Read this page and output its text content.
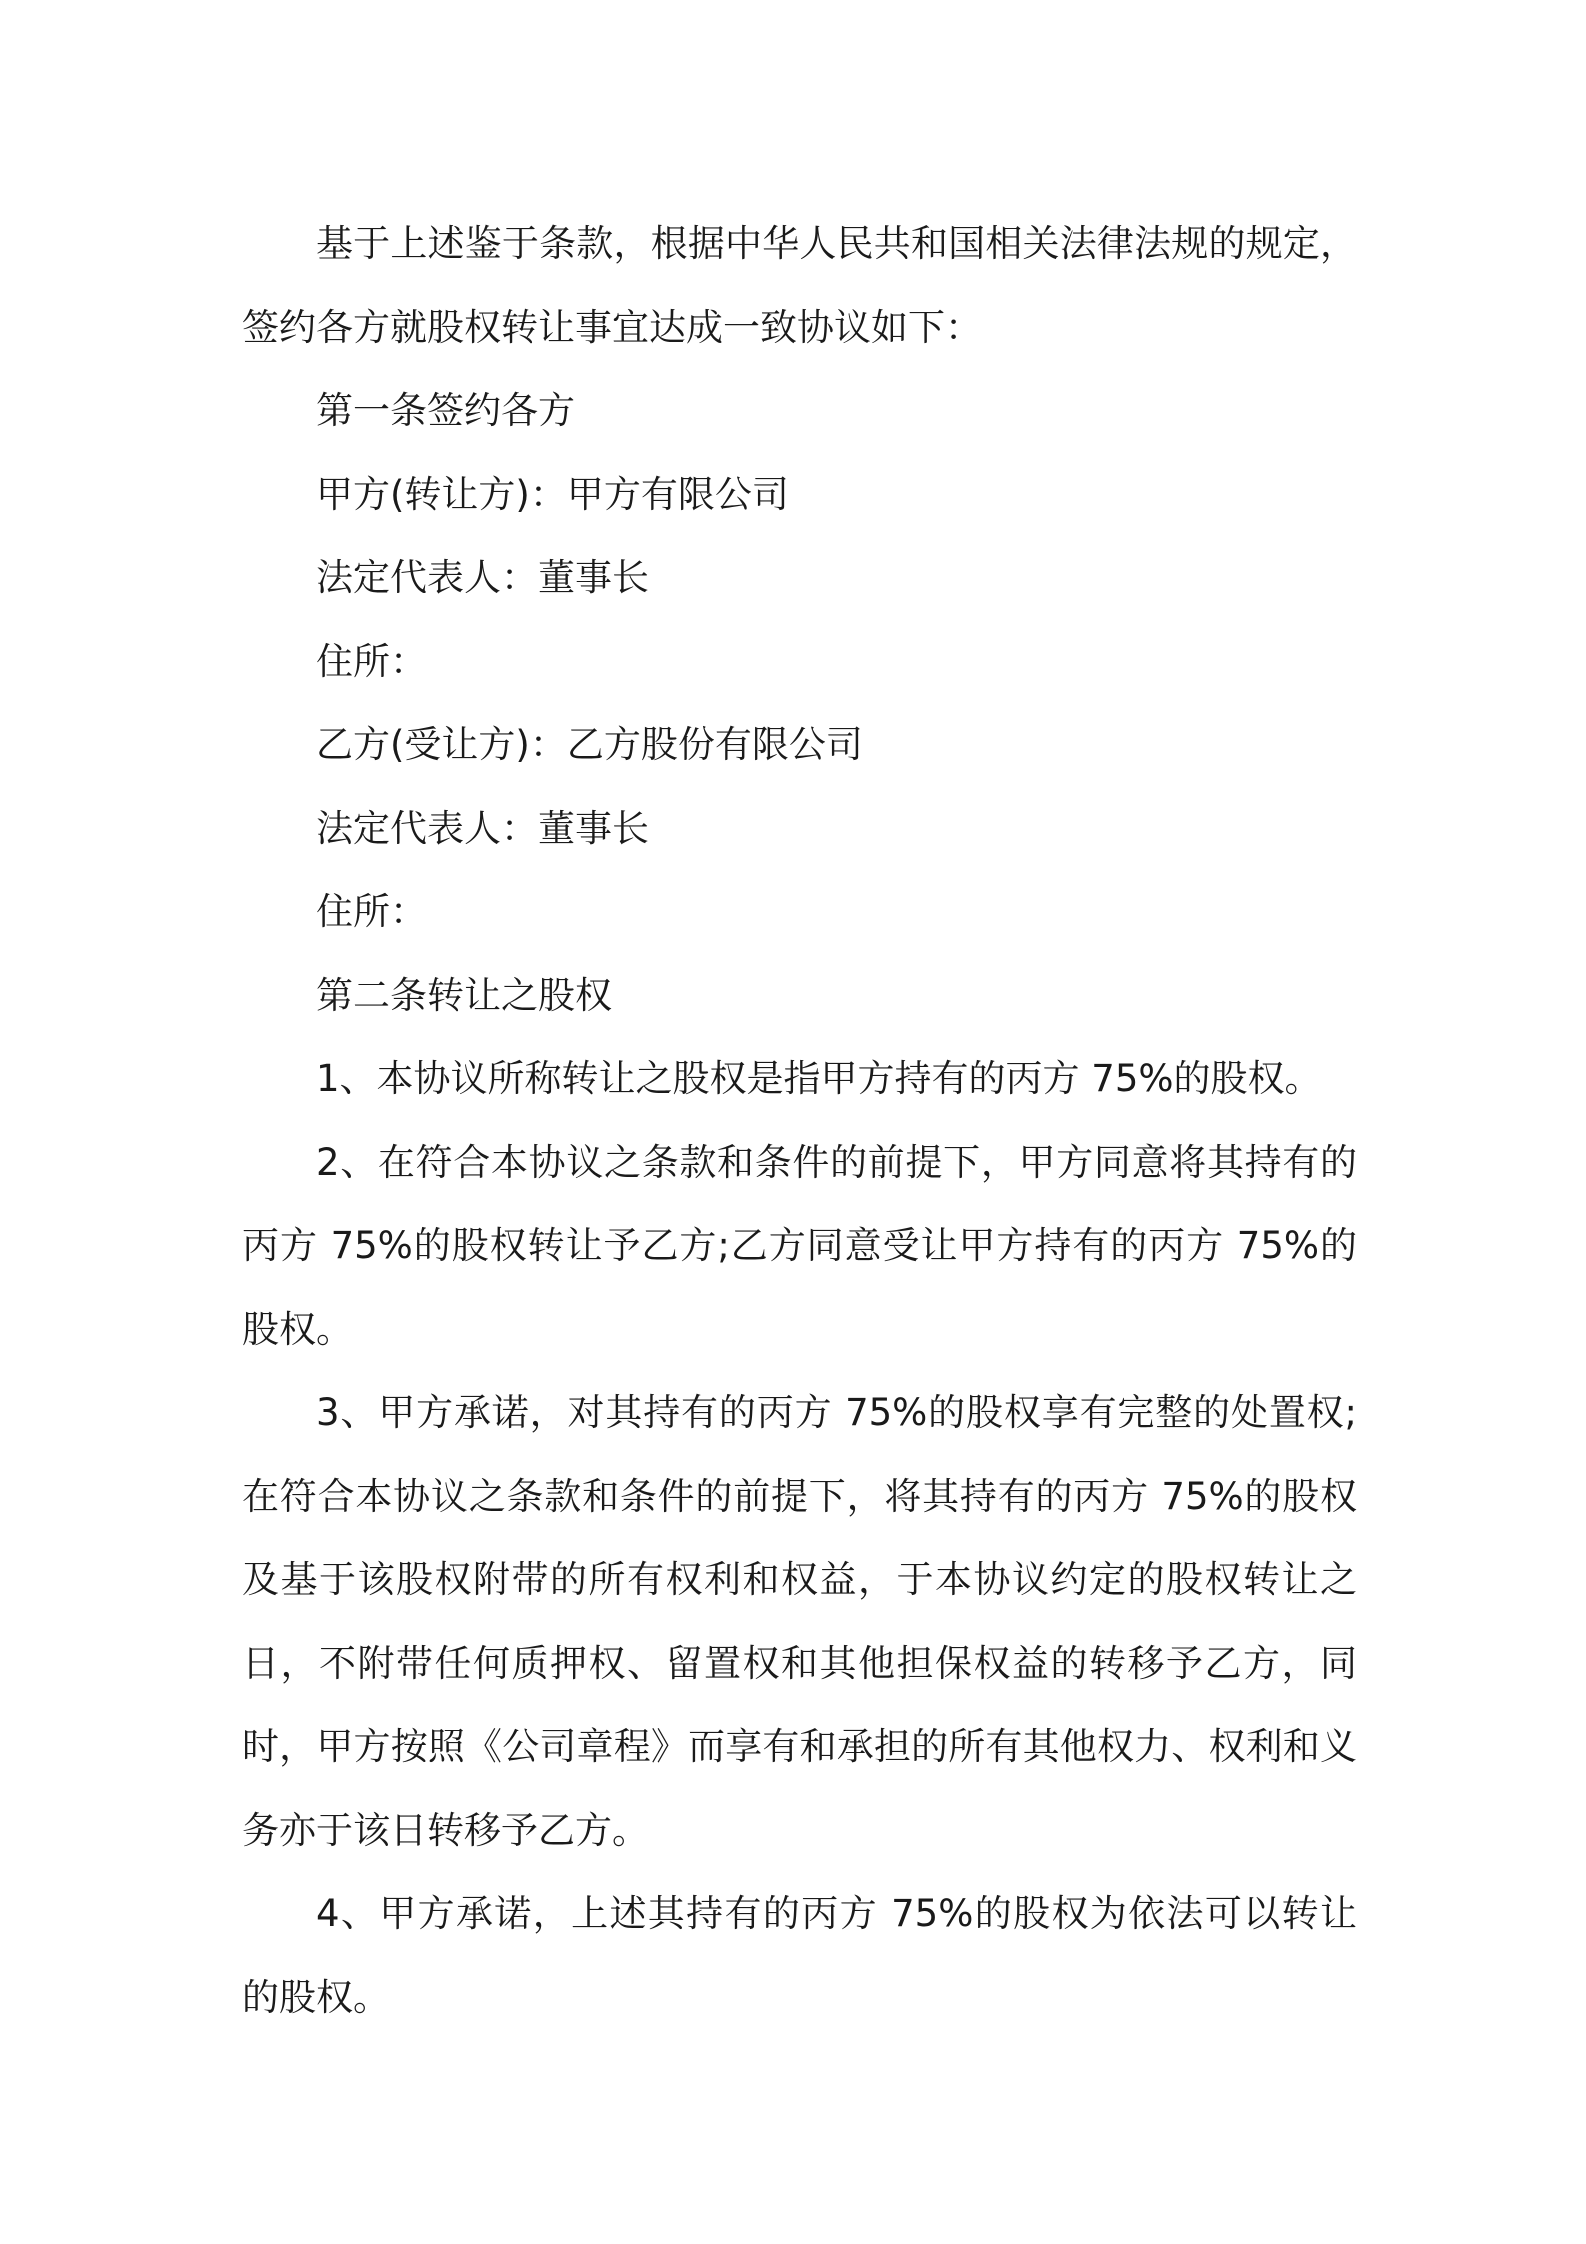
基于上述鉴于条款，根据中华人民共和国相关法律法规的规定，签约各方就股权转让事宜达成一致协议如下：

第一条签约各方

甲方(转让方)：甲方有限公司

法定代表人：董事长

住所：

乙方(受让方)：乙方股份有限公司

法定代表人：董事长

住所：

第二条转让之股权

1、本协议所称转让之股权是指甲方持有的丙方 75%的股权。

2、在符合本协议之条款和条件的前提下，甲方同意将其持有的丙方 75%的股权转让予乙方;乙方同意受让甲方持有的丙方 75%的股权。

3、甲方承诺，对其持有的丙方 75%的股权享有完整的处置权;在符合本协议之条款和条件的前提下，将其持有的丙方 75%的股权及基于该股权附带的所有权利和权益，于本协议约定的股权转让之日，不附带任何质押权、留置权和其他担保权益的转移予乙方，同时，甲方按照《公司章程》而享有和承担的所有其他权力、权利和义务亦于该日转移予乙方。

4、甲方承诺，上述其持有的丙方 75%的股权为依法可以转让的股权。
